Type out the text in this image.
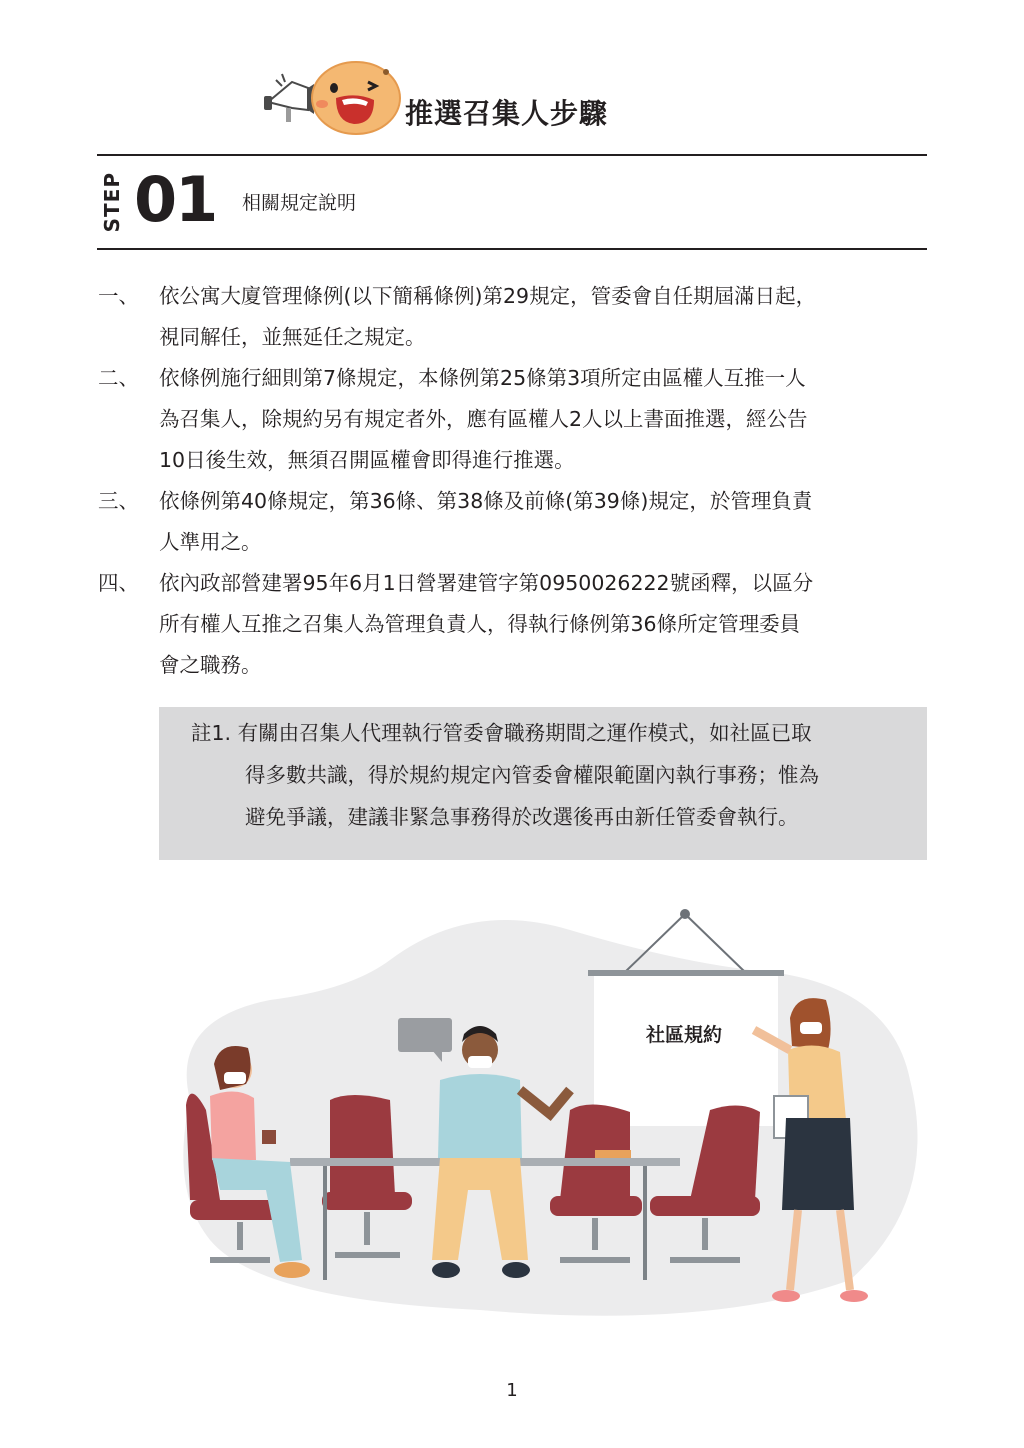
推選召集人步驟
STEP 01 相關規定說明
一、 依公寓大廈管理條例(以下簡稱條例)第29規定，管委會自任期屆滿日起，
視同解任，並無延任之規定。
二、 依條例施行細則第7條規定，本條例第25條第3項所定由區權人互推一人
為召集人，除規約另有規定者外，應有區權人2人以上書面推選，經公告
10日後生效，無須召開區權會即得進行推選。
三、 依條例第40條規定，第36條、第38條及前條(第39條)規定，於管理負責
人準用之。
四、 依內政部營建署95年6月1日營署建管字第0950026222號函釋，以區分
所有權人互推之召集人為管理負責人，得執行條例第36條所定管理委員
會之職務。
註1. 有關由召集人代理執行管委會職務期間之運作模式，如社區已取
得多數共識，得於規約規定內管委會權限範圍內執行事務；惟為
避免爭議，建議非緊急事務得於改選後再由新任管委會執行。
社區規約
1
